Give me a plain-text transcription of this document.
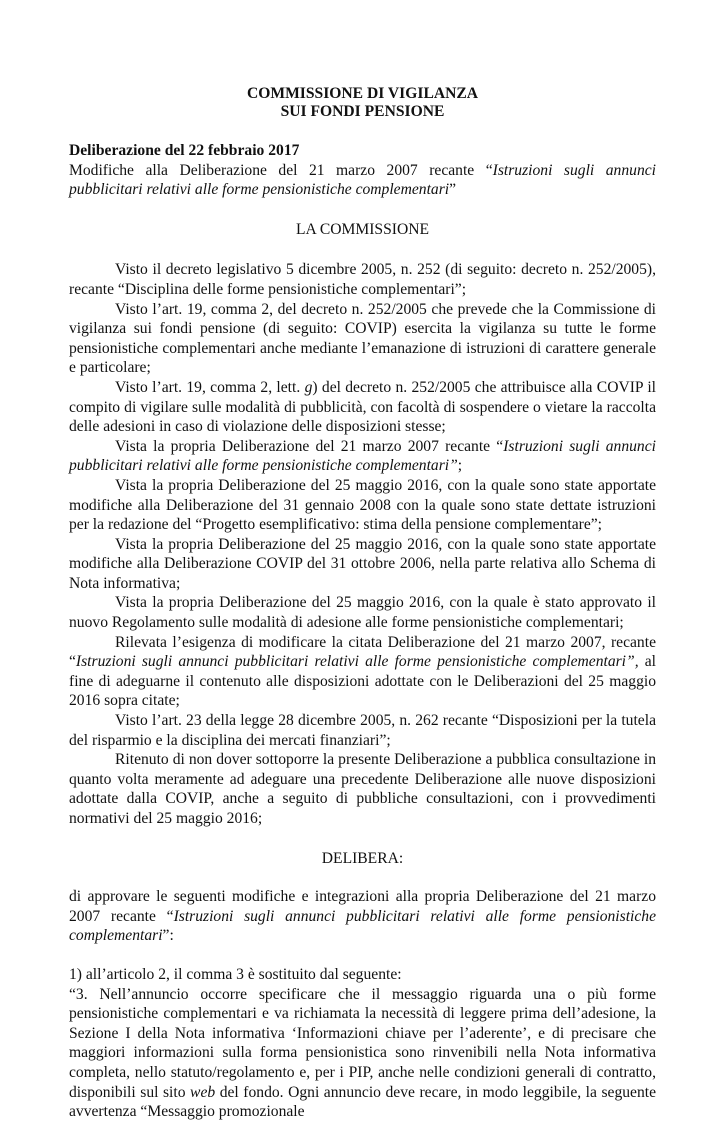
COMMISSIONE DI VIGILANZA
SUI FONDI PENSIONE
Deliberazione del 22 febbraio 2017

Modifiche alla Deliberazione del 21 marzo 2007 recante “Istruzioni sugli annunci pubblicitari relativi alle forme pensionistiche complementari”

LA COMMISSIONE

Visto il decreto legislativo 5 dicembre 2005, n. 252 (di seguito: decreto n. 252/2005), recante “Disciplina delle forme pensionistiche complementari”;

Visto l’art. 19, comma 2, del decreto n. 252/2005 che prevede che la Commissione di vigilanza sui fondi pensione (di seguito: COVIP) esercita la vigilanza su tutte le forme pensionistiche complementari anche mediante l’emanazione di istruzioni di carattere generale e particolare;

Visto l’art. 19, comma 2, lett. g) del decreto n. 252/2005 che attribuisce alla COVIP il compito di vigilare sulle modalità di pubblicità, con facoltà di sospendere o vietare la raccolta delle adesioni in caso di violazione delle disposizioni stesse;

Vista la propria Deliberazione del 21 marzo 2007 recante “Istruzioni sugli annunci pubblicitari relativi alle forme pensionistiche complementari”;

Vista la propria Deliberazione del 25 maggio 2016, con la quale sono state apportate modifiche alla Deliberazione del 31 gennaio 2008 con la quale sono state dettate istruzioni per la redazione del “Progetto esemplificativo: stima della pensione complementare”;

Vista la propria Deliberazione del 25 maggio 2016, con la quale sono state apportate modifiche alla Deliberazione COVIP del 31 ottobre 2006, nella parte relativa allo Schema di Nota informativa;

Vista la propria Deliberazione del 25 maggio 2016, con la quale è stato approvato il nuovo Regolamento sulle modalità di adesione alle forme pensionistiche complementari;

Rilevata l’esigenza di modificare la citata Deliberazione del 21 marzo 2007, recante “Istruzioni sugli annunci pubblicitari relativi alle forme pensionistiche complementari”, al fine di adeguarne il contenuto alle disposizioni adottate con le Deliberazioni del 25 maggio 2016 sopra citate;

Visto l’art. 23 della legge 28 dicembre 2005, n. 262 recante “Disposizioni per la tutela del risparmio e la disciplina dei mercati finanziari”;

Ritenuto di non dover sottoporre la presente Deliberazione a pubblica consultazione in quanto volta meramente ad adeguare una precedente Deliberazione alle nuove disposizioni adottate dalla COVIP, anche a seguito di pubbliche consultazioni, con i provvedimenti normativi del 25 maggio 2016;

DELIBERA:

di approvare le seguenti modifiche e integrazioni alla propria Deliberazione del 21 marzo 2007 recante “Istruzioni sugli annunci pubblicitari relativi alle forme pensionistiche complementari”:

1) all’articolo 2, il comma 3 è sostituito dal seguente:

“3. Nell’annuncio occorre specificare che il messaggio riguarda una o più forme pensionistiche complementari e va richiamata la necessità di leggere prima dell’adesione, la Sezione I della Nota informativa ‘Informazioni chiave per l’aderente’, e di precisare che maggiori informazioni sulla forma pensionistica sono rinvenibili nella Nota informativa completa, nello statuto/regolamento e, per i PIP, anche nelle condizioni generali di contratto, disponibili sul sito web del fondo. Ogni annuncio deve recare, in modo leggibile, la seguente avvertenza “Messaggio promozionale
